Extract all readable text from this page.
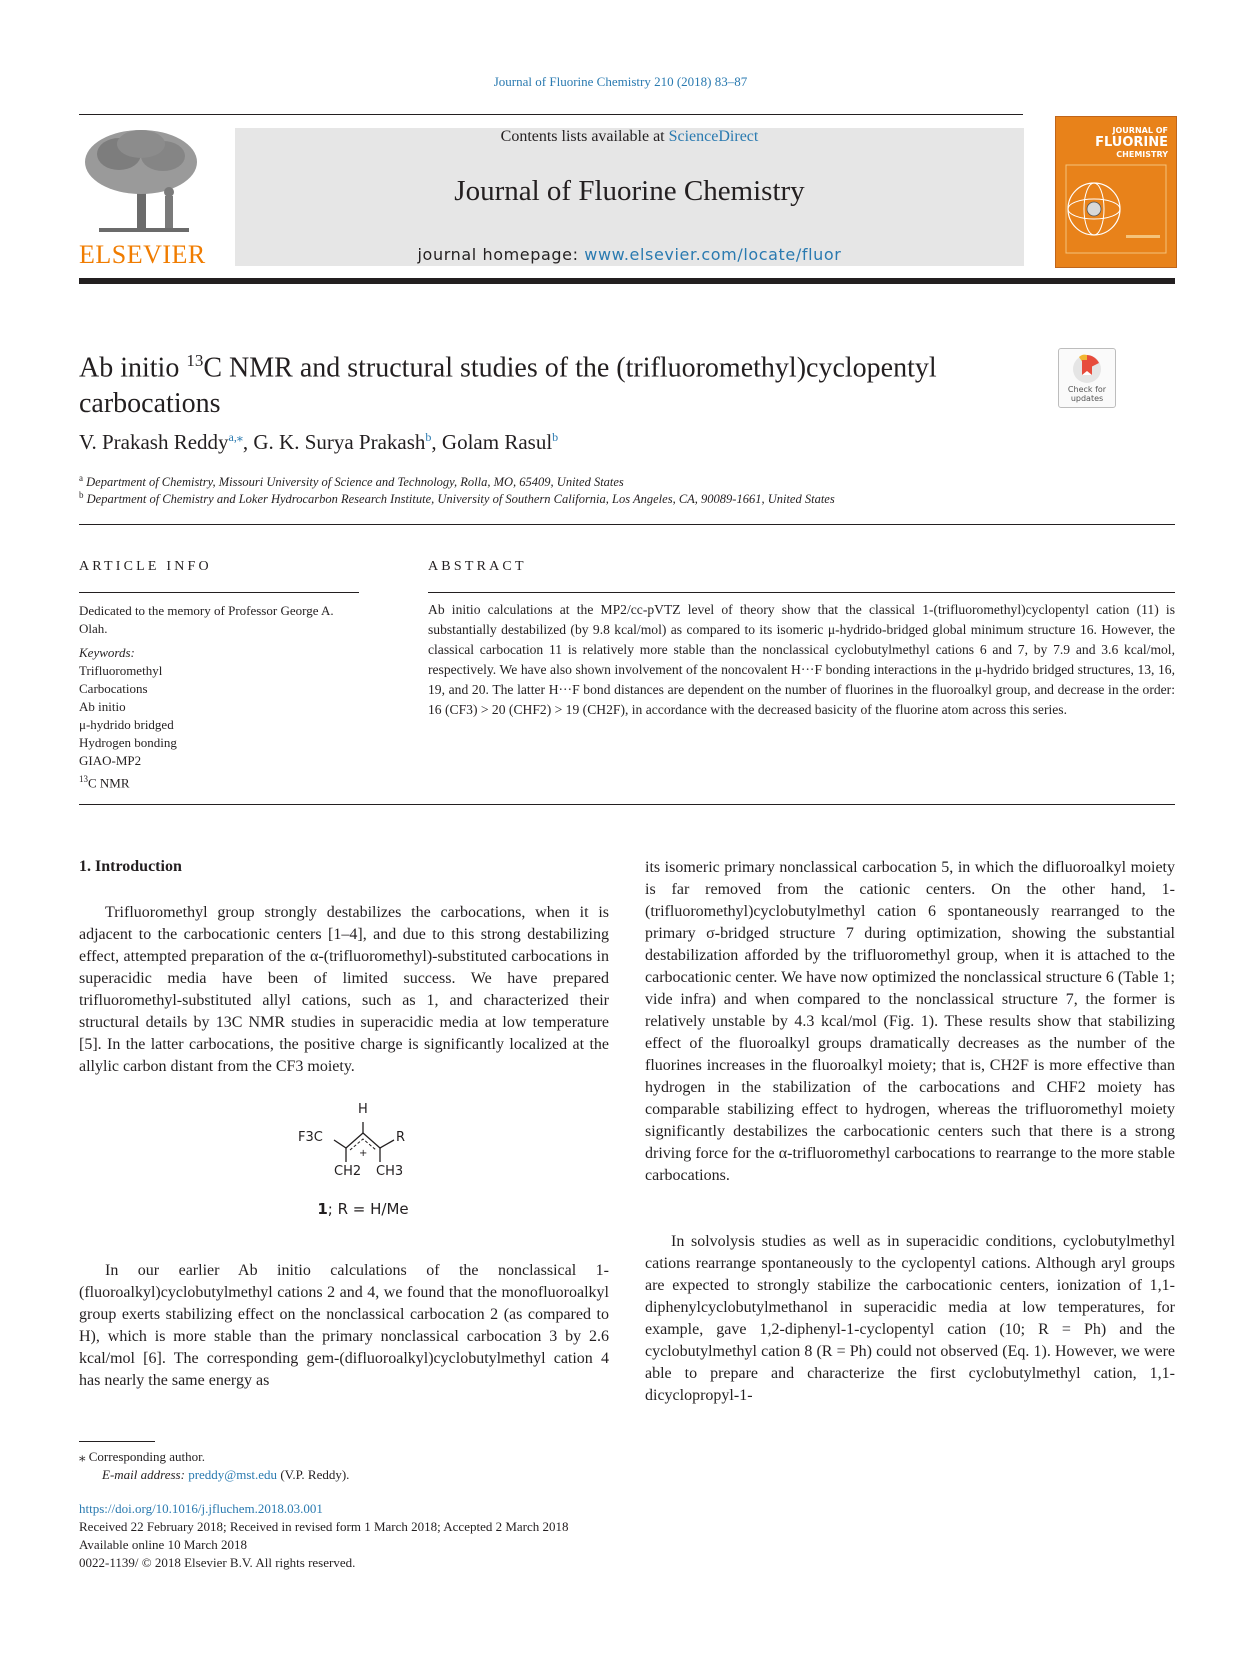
Journal of Fluorine Chemistry 210 (2018) 83–87
ELSEVIER
Contents lists available at ScienceDirect
Journal of Fluorine Chemistry
journal homepage: www.elsevier.com/locate/fluor
JOURNAL OF
FLUORINE
CHEMISTRY
Ab initio $^{13}$C NMR and structural studies of the (trifluoromethyl)cyclopentyl carbocations	Check for
updates
V. Prakash Reddy$^{a,⁎}$, G. K. Surya Prakash$^b$, Golam Rasul$^b$
$^a$ Department of Chemistry, Missouri University of Science and Technology, Rolla, MO, 65409, United States
$^b$ Department of Chemistry and Loker Hydrocarbon Research Institute, University of Southern California, Los Angeles, CA, 90089-1661, United States
ARTICLE INFO	ABSTRACT
Dedicated to the memory of Professor George A. Olah.
Keywords:
Trifluoromethyl
Carbocations
Ab initio
μ-hydrido bridged
Hydrogen bonding
GIAO-MP2
$^{13}$C NMR
Ab initio calculations at the MP2/cc-pVTZ level of theory show that the classical 1-(trifluoromethyl)cyclopentyl cation (11) is substantially destabilized (by 9.8 kcal/mol) as compared to its isomeric μ-hydrido-bridged global minimum structure 16. However, the classical carbocation 11 is relatively more stable than the nonclassical cyclobutylmethyl cations 6 and 7, by 7.9 and 3.6 kcal/mol, respectively. We have also shown involvement of the noncovalent H···F bonding interactions in the μ-hydrido bridged structures, 13, 16, 19, and 20. The latter H···F bond distances are dependent on the number of fluorines in the fluoroalkyl group, and decrease in the order: 16 (CF3) > 20 (CHF2) > 19 (CH2F), in accordance with the decreased basicity of the fluorine atom across this series.
1. Introduction
Trifluoromethyl group strongly destabilizes the carbocations, when it is adjacent to the carbocationic centers [1–4], and due to this strong destabilizing effect, attempted preparation of the α-(trifluoromethyl)-substituted carbocations in superacidic media have been of limited success. We have prepared trifluoromethyl-substituted allyl cations, such as 1, and characterized their structural details by 13C NMR studies in superacidic media at low temperature [5]. In the latter carbocations, the positive charge is significantly localized at the allylic carbon distant from the CF3 moiety.
H
F3C	R
+
CH2 CH3
1; R = H/Me
In our earlier Ab initio calculations of the nonclassical 1-(fluoroalkyl)cyclobutylmethyl cations 2 and 4, we found that the monofluoroalkyl group exerts stabilizing effect on the nonclassical carbocation 2 (as compared to H), which is more stable than the primary nonclassical carbocation 3 by 2.6 kcal/mol [6]. The corresponding gem-(difluoroalkyl)cyclobutylmethyl cation 4 has nearly the same energy as
its isomeric primary nonclassical carbocation 5, in which the difluoroalkyl moiety is far removed from the cationic centers. On the other hand, 1-(trifluoromethyl)cyclobutylmethyl cation 6 spontaneously rearranged to the primary σ-bridged structure 7 during optimization, showing the substantial destabilization afforded by the trifluoromethyl group, when it is attached to the carbocationic center. We have now optimized the nonclassical structure 6 (Table 1; vide infra) and when compared to the nonclassical structure 7, the former is relatively unstable by 4.3 kcal/mol (Fig. 1). These results show that stabilizing effect of the fluoroalkyl groups dramatically decreases as the number of the fluorines increases in the fluoroalkyl moiety; that is, CH2F is more effective than hydrogen in the stabilization of the carbocations and CHF2 moiety has comparable stabilizing effect to hydrogen, whereas the trifluoromethyl moiety significantly destabilizes the carbocationic centers such that there is a strong driving force for the α-trifluoromethyl carbocations to rearrange to the more stable carbocations.
In solvolysis studies as well as in superacidic conditions, cyclobutylmethyl cations rearrange spontaneously to the cyclopentyl cations. Although aryl groups are expected to strongly stabilize the carbocationic centers, ionization of 1,1-diphenylcyclobutylmethanol in superacidic media at low temperatures, for example, gave 1,2-diphenyl-1-cyclopentyl cation (10; R = Ph) and the cyclobutylmethyl cation 8 (R = Ph) could not observed (Eq. 1). However, we were able to prepare and characterize the first cyclobutylmethyl cation, 1,1-dicyclopropyl-1-
⁎ Corresponding author.
E-mail address: preddy@mst.edu (V.P. Reddy).
https://doi.org/10.1016/j.jfluchem.2018.03.001
Received 22 February 2018; Received in revised form 1 March 2018; Accepted 2 March 2018
Available online 10 March 2018
0022-1139/ © 2018 Elsevier B.V. All rights reserved.
